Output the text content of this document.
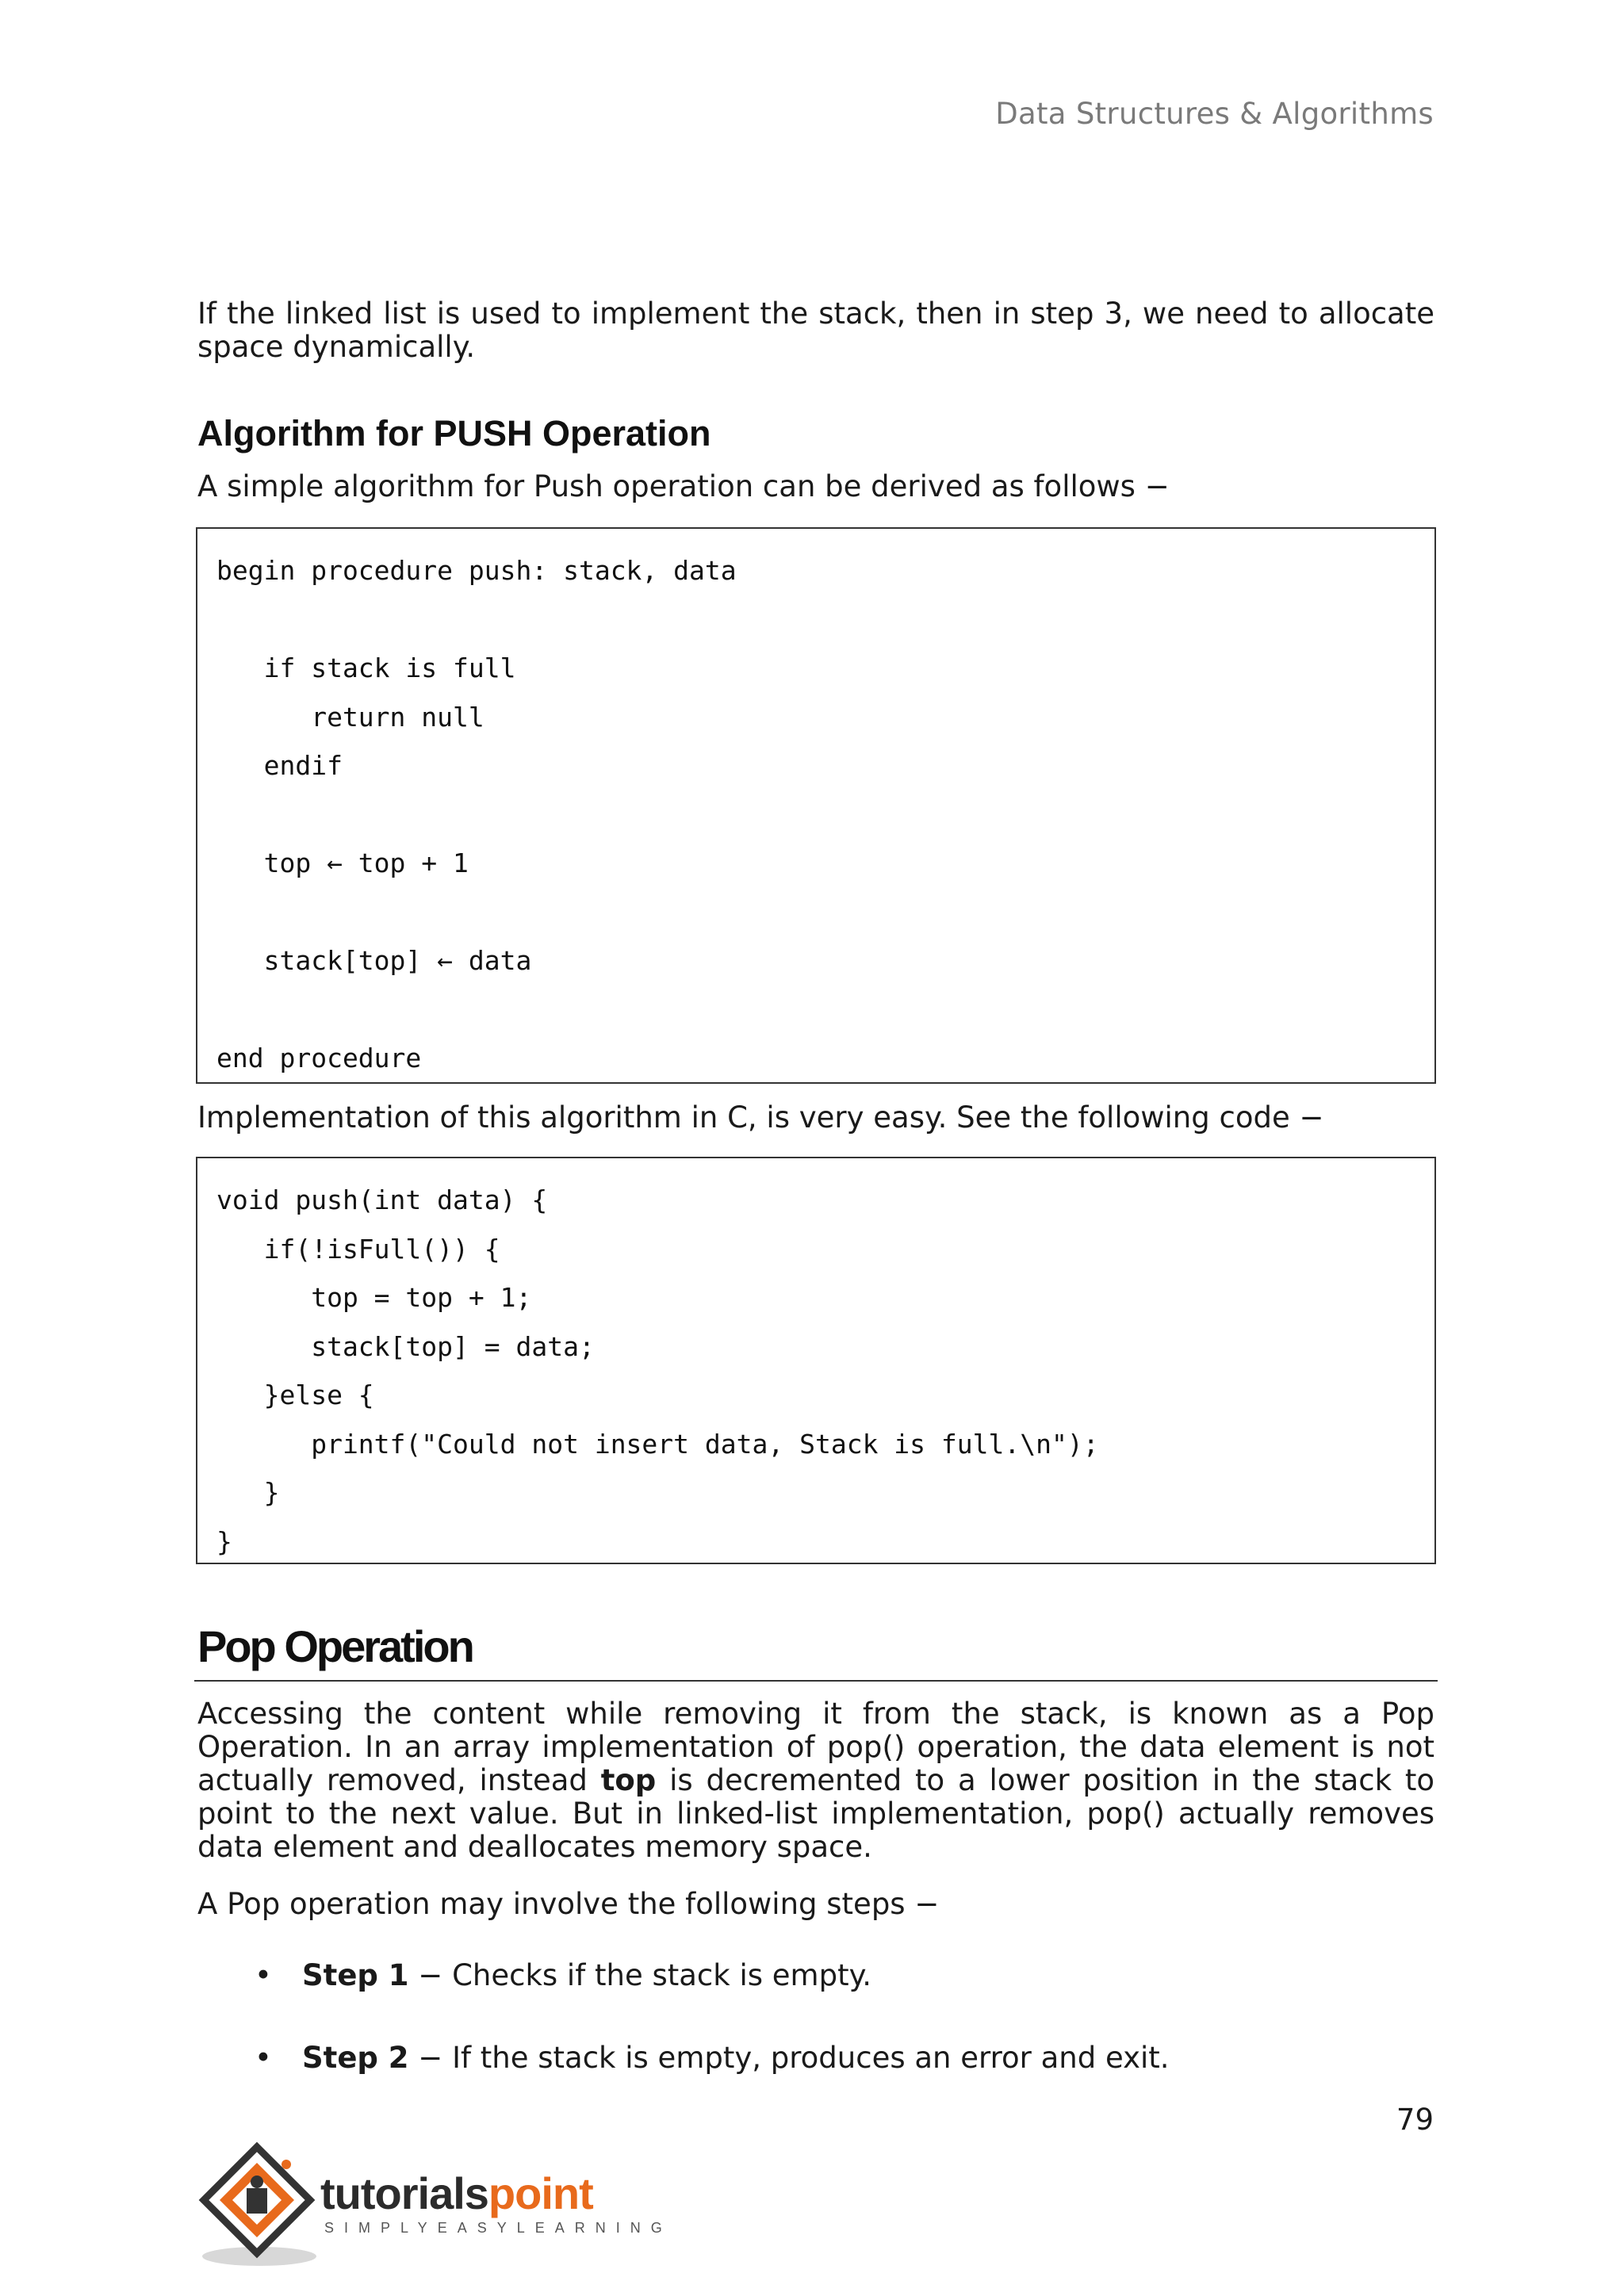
Data Structures & Algorithms

If the linked list is used to implement the stack, then in step 3, we need to allocate space dynamically.

Algorithm for PUSH Operation

A simple algorithm for Push operation can be derived as follows −

begin procedure push: stack, data
if stack is full
return null
endif
top ← top + 1
stack[top] ← data
end procedure

Implementation of this algorithm in C, is very easy. See the following code −

void push(int data) {
if(!isFull()) {
top = top + 1;
stack[top] = data;
}else {
printf("Could not insert data, Stack is full.\n");
}
}
Pop Operation

Accessing the content while removing it from the stack, is known as a Pop Operation. In an array implementation of pop() operation, the data element is not actually removed, instead top is decremented to a lower position in the stack to point to the next value. But in linked-list implementation, pop() actually removes data element and deallocates memory space.

A Pop operation may involve the following steps −

• Step 1 − Checks if the stack is empty.
• Step 2 − If the stack is empty, produces an error and exit.
79
tutorialspoint
SIMPLYEASYLEARNING
